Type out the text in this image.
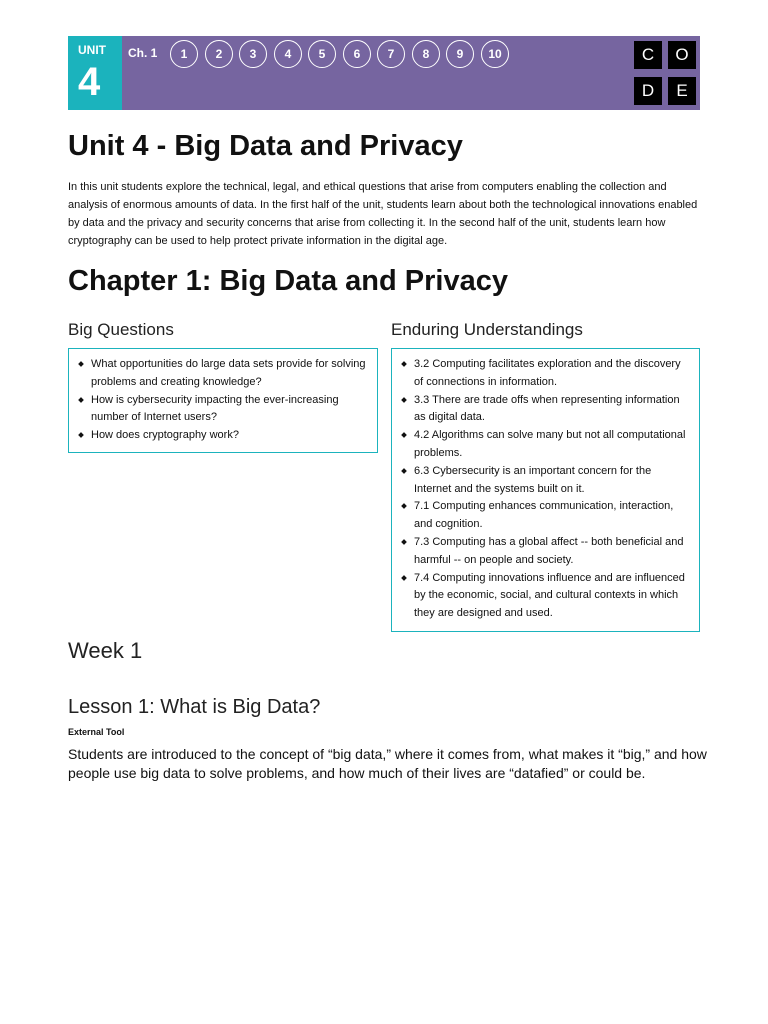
UNIT
4
Ch. 1	1	2	3	4	5	6	7	8	9	10	C	O
D	E
Unit 4 - Big Data and Privacy

In this unit students explore the technical, legal, and ethical questions that arise from computers enabling the collection and analysis of enormous amounts of data. In the first half of the unit, students learn about both the technological innovations enabled by data and the privacy and security concerns that arise from collecting it. In the second half of the unit, students learn how cryptography can be used to help protect private information in the digital age.

Chapter 1: Big Data and Privacy
Big Questions	Enduring Understandings
What opportunities do large data sets provide for solving problems and creating knowledge?
How is cybersecurity impacting the ever-increasing number of Internet users?
How does cryptography work?
3.2 Computing facilitates exploration and the discovery of connections in information.
3.3 There are trade offs when representing information as digital data.
4.2 Algorithms can solve many but not all computational problems.
6.3 Cybersecurity is an important concern for the Internet and the systems built on it.
7.1 Computing enhances communication, interaction, and cognition.
7.3 Computing has a global affect -- both beneficial and harmful -- on people and society.
7.4 Computing innovations influence and are influenced by the economic, social, and cultural contexts in which they are designed and used.
Week 1
Lesson 1: What is Big Data?
External Tool

Students are introduced to the concept of “big data,” where it comes from, what makes it “big,” and how people use big data to solve problems, and how much of their lives are “datafied” or could be.
